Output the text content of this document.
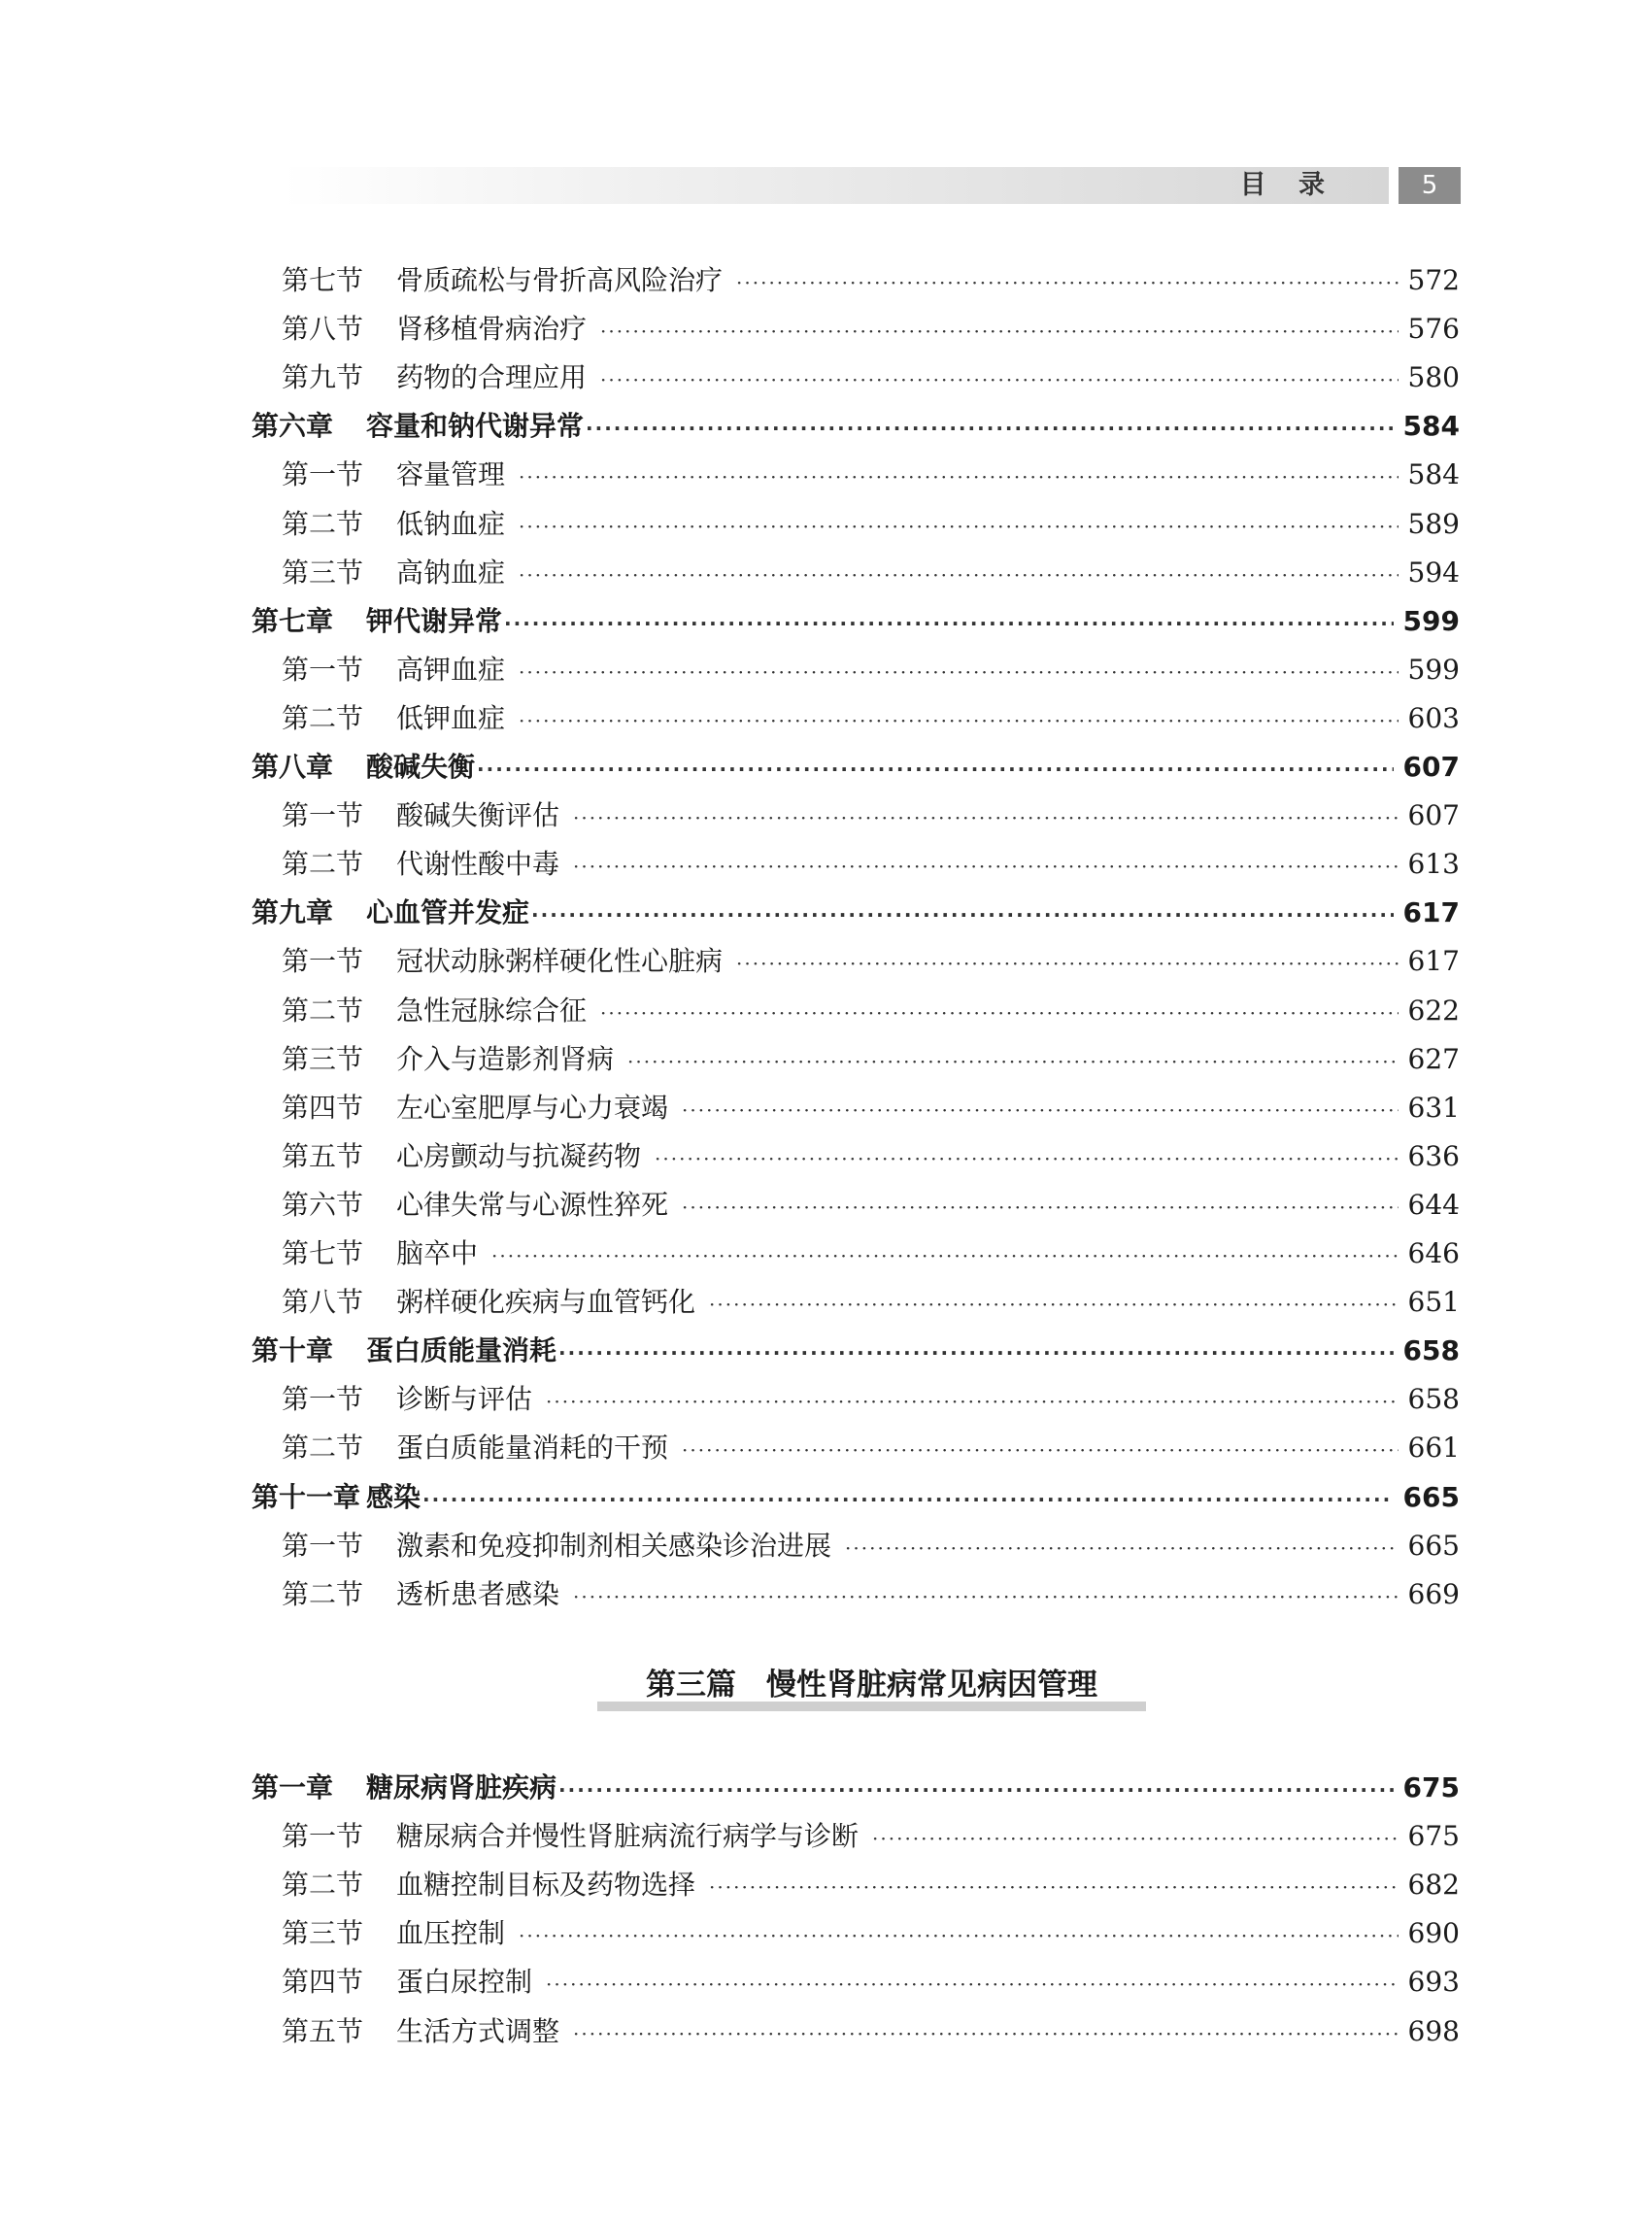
目 录	5
第七节	骨质疏松与骨折高风险治疗 ·····	572
第八节	肾移植骨病治疗 ·····	576
第九节	药物的合理应用 ·····	580
第六章	容量和钠代谢异常 ·····	584
第一节	容量管理 ·····	584
第二节	低钠血症 ·····	589
第三节	高钠血症 ·····	594
第七章	钾代谢异常 ·····	599
第一节	高钾血症 ·····	599
第二节	低钾血症 ·····	603
第八章	酸碱失衡 ·····	607
第一节	酸碱失衡评估 ·····	607
第二节	代谢性酸中毒 ·····	613
第九章	心血管并发症 ·····	617
第一节	冠状动脉粥样硬化性心脏病 ·····	617
第二节	急性冠脉综合征 ·····	622
第三节	介入与造影剂肾病 ·····	627
第四节	左心室肥厚与心力衰竭 ·····	631
第五节	心房颤动与抗凝药物 ·····	636
第六节	心律失常与心源性猝死 ·····	644
第七节	脑卒中 ·····	646
第八节	粥样硬化疾病与血管钙化 ·····	651
第十章	蛋白质能量消耗 ·····	658
第一节	诊断与评估 ·····	658
第二节	蛋白质能量消耗的干预 ·····	661
第十一章 感染 ·····	665
第一节	激素和免疫抑制剂相关感染诊治进展 ·····	665
第二节	透析患者感染 ·····	669
第三篇　 慢性肾脏病常见病因管理
第一章	糖尿病肾脏疾病 ·····	675
第一节	糖尿病合并慢性肾脏病流行病学与诊断 ·····	675
第二节	血糖控制目标及药物选择 ·····	682
第三节	血压控制 ·····	690
第四节	蛋白尿控制 ·····	693
第五节	生活方式调整 ·····	698
